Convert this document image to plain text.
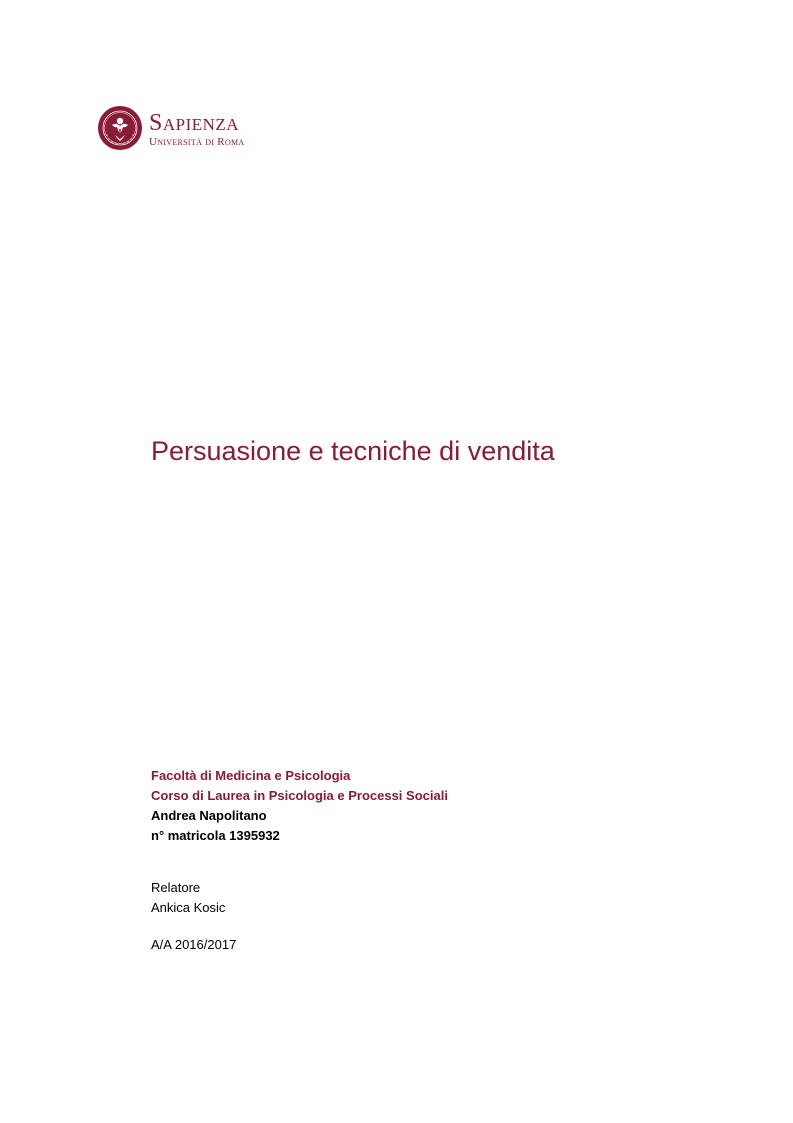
Sapienza
Università di Roma
Persuasione e tecniche di vendita
Facoltà di Medicina e Psicologia
Corso di Laurea in Psicologia e Processi Sociali
Andrea Napolitano
n° matricola 1395932
Relatore
Ankica Kosic
A/A 2016/2017
